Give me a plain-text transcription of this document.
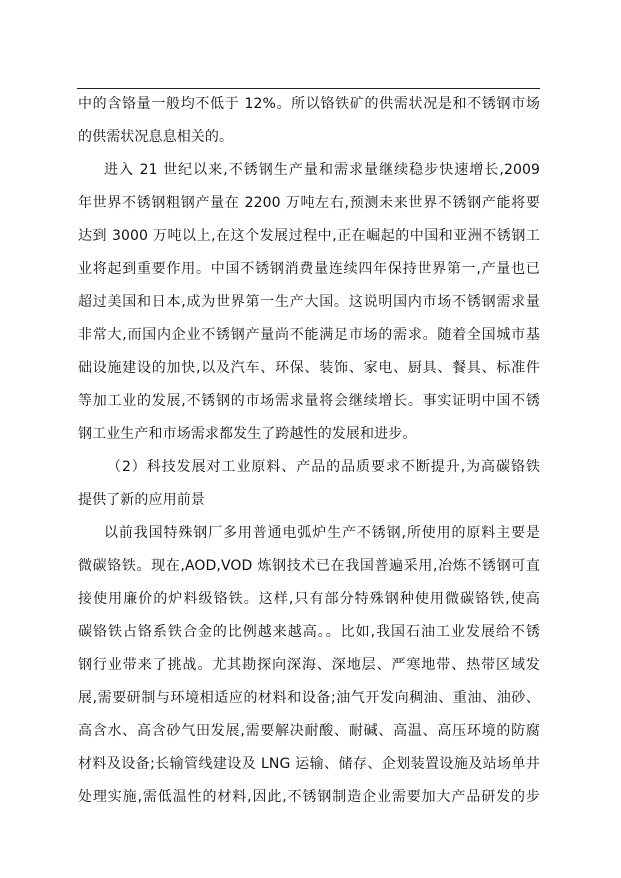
中的含铬量一般均不低于 12%。所以铬铁矿的供需状况是和不锈钢市场
的供需状况息息相关的。
进入 21 世纪以来,不锈钢生产量和需求量继续稳步快速增长,2009
年世界不锈钢粗钢产量在 2200 万吨左右,预测未来世界不锈钢产能将要
达到 3000 万吨以上,在这个发展过程中,正在崛起的中国和亚洲不锈钢工
业将起到重要作用。中国不锈钢消费量连续四年保持世界第一,产量也已
超过美国和日本,成为世界第一生产大国。这说明国内市场不锈钢需求量
非常大,而国内企业不锈钢产量尚不能满足市场的需求。随着全国城市基
础设施建设的加快,以及汽车、环保、装饰、家电、厨具、餐具、标准件
等加工业的发展,不锈钢的市场需求量将会继续增长。事实证明中国不锈
钢工业生产和市场需求都发生了跨越性的发展和进步。
（2）科技发展对工业原料、产品的品质要求不断提升,为高碳铬铁
提供了新的应用前景
以前我国特殊钢厂多用普通电弧炉生产不锈钢,所使用的原料主要是
微碳铬铁。现在,AOD,VOD 炼钢技术已在我国普遍采用,冶炼不锈钢可直
接使用廉价的炉料级铬铁。这样,只有部分特殊钢种使用微碳铬铁,使高
碳铬铁占铬系铁合金的比例越来越高。。比如,我国石油工业发展给不锈
钢行业带来了挑战。尤其勘探向深海、深地层、严寒地带、热带区域发
展,需要研制与环境相适应的材料和设备;油气开发向稠油、重油、油砂、
高含水、高含砂气田发展,需要解决耐酸、耐碱、高温、高压环境的防腐
材料及设备;长输管线建设及 LNG 运输、储存、企划装置设施及站场单井
处理实施,需低温性的材料,因此,不锈钢制造企业需要加大产品研发的步
